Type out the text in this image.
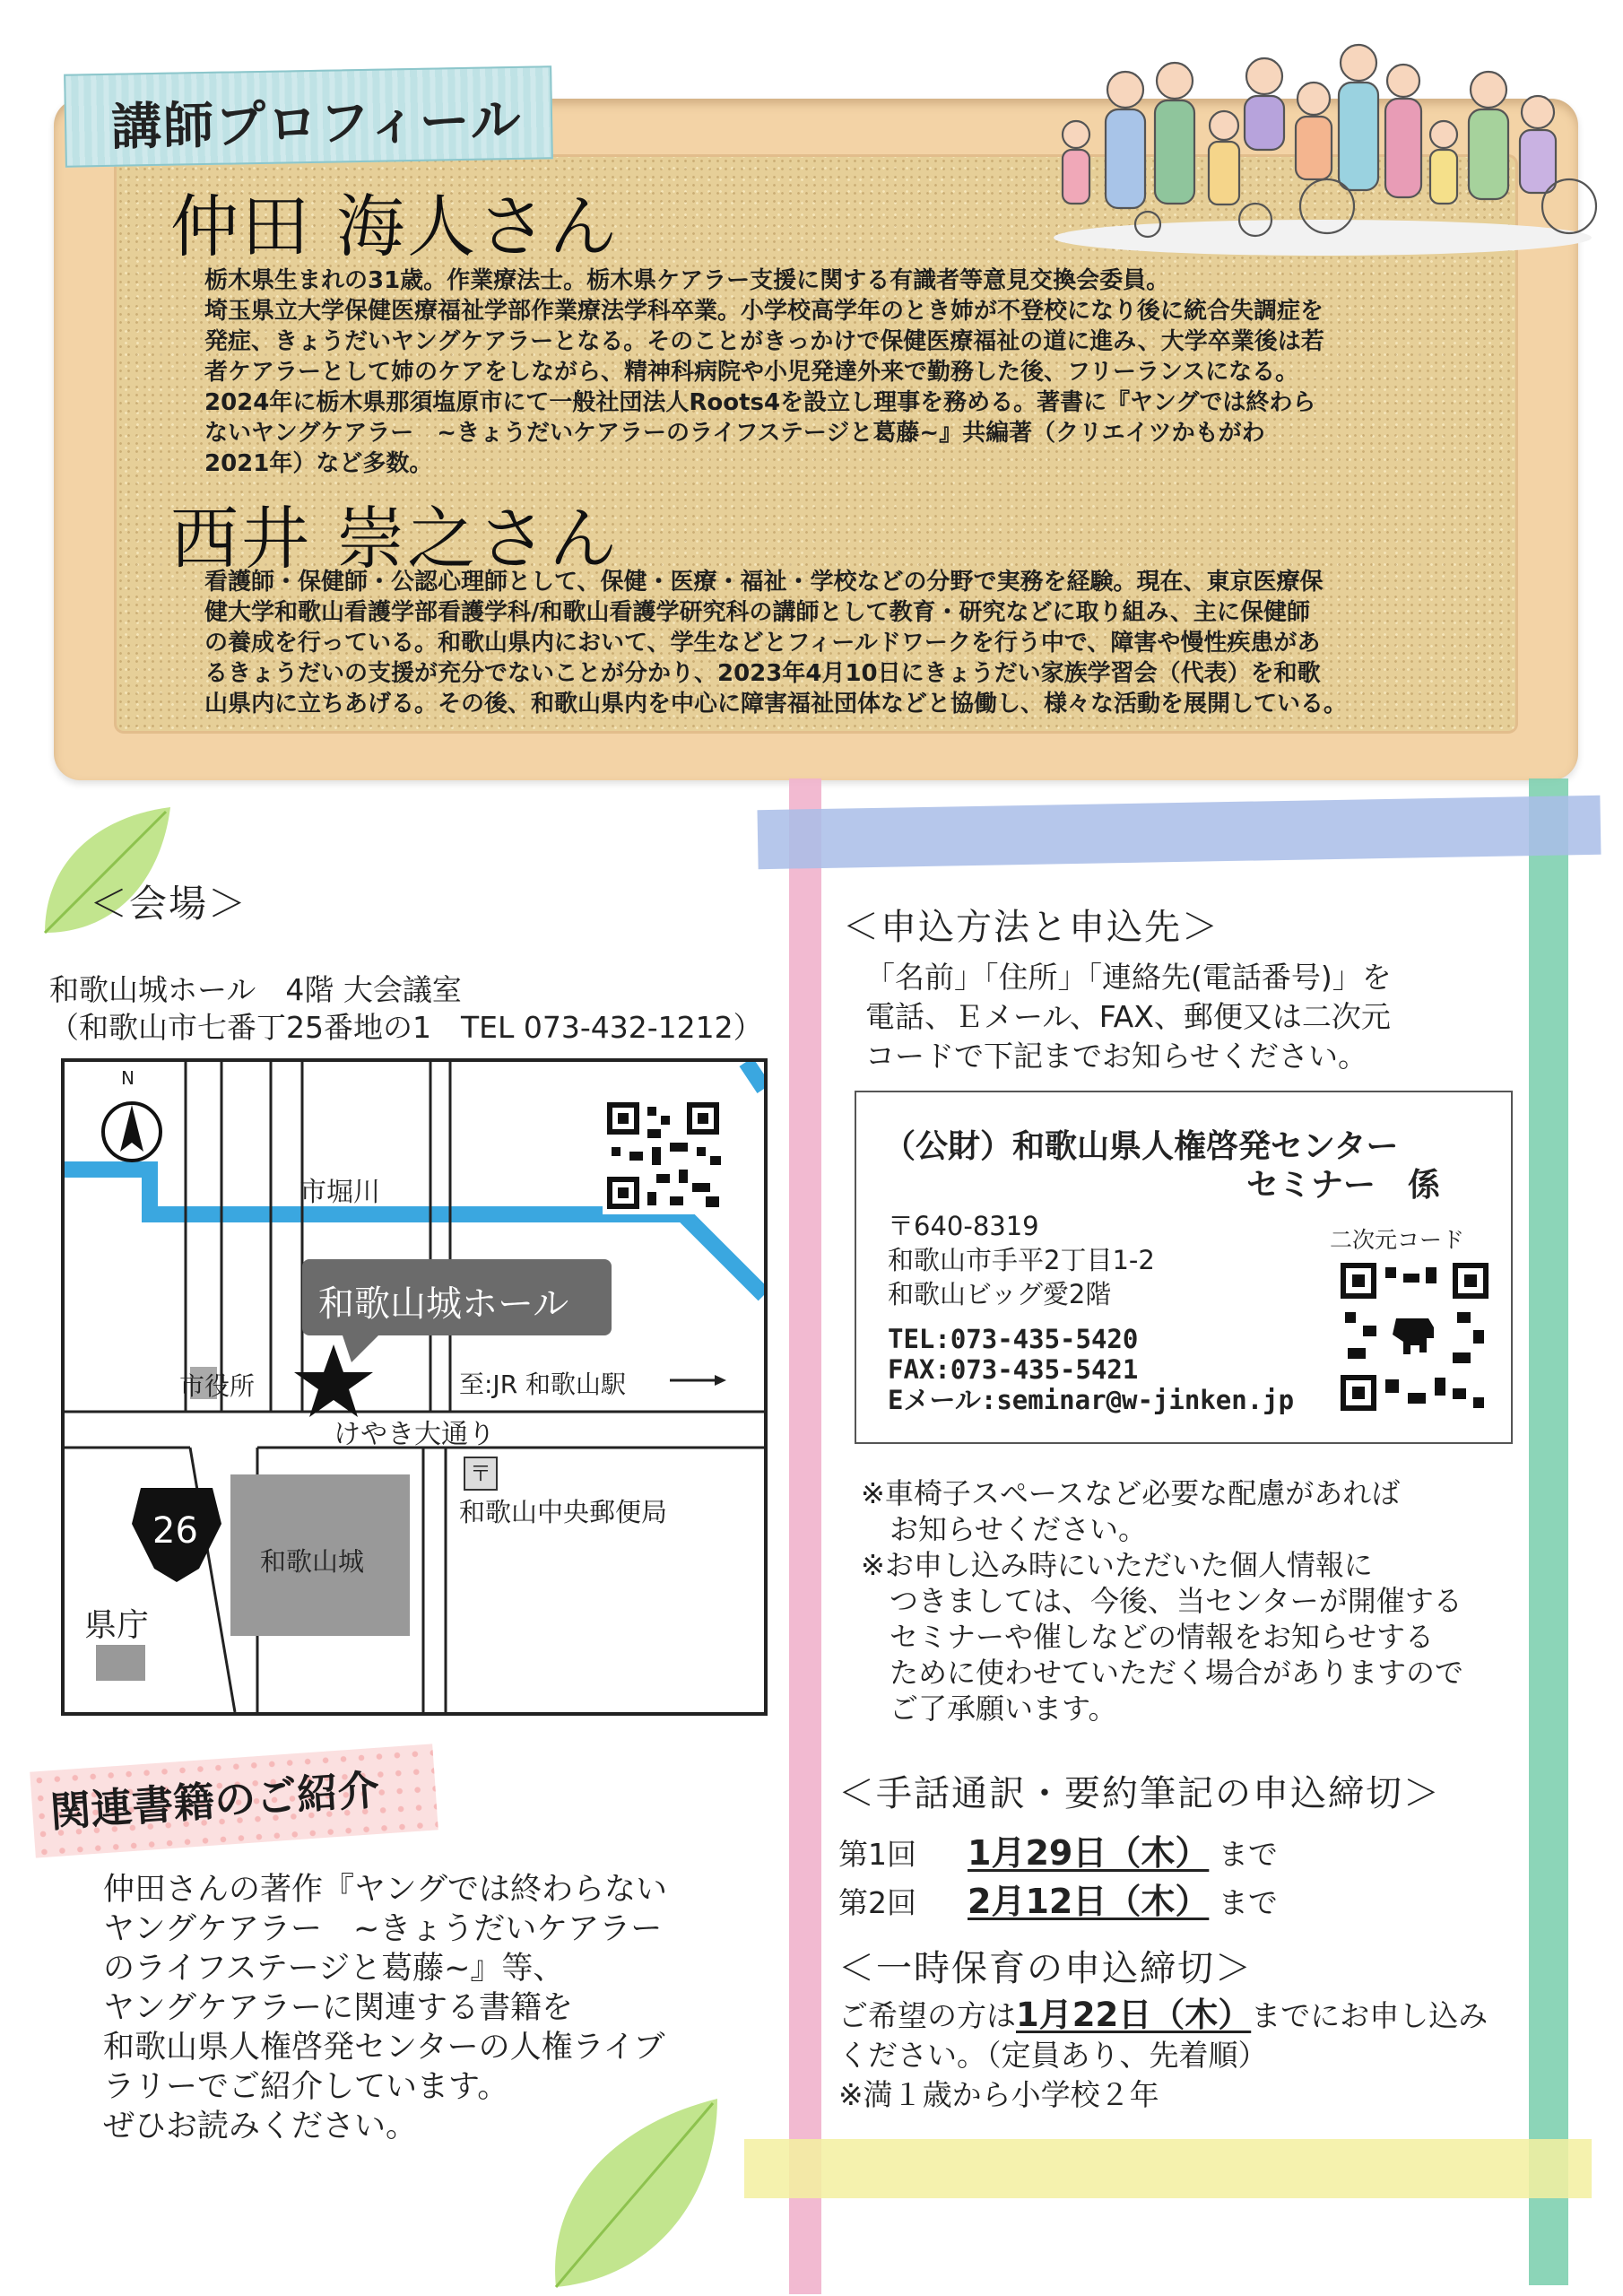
講師プロフィール
仲田 海人さん
栃木県生まれの31歳。作業療法士。栃木県ケアラー支援に関する有識者等意見交換会委員。
埼玉県立大学保健医療福祉学部作業療法学科卒業。小学校高学年のとき姉が不登校になり後に統合失調症を
発症、きょうだいヤングケアラーとなる。そのことがきっかけで保健医療福祉の道に進み、大学卒業後は若
者ケアラーとして姉のケアをしながら、精神科病院や小児発達外来で勤務した後、フリーランスになる。
2024年に栃木県那須塩原市にて一般社団法人Roots4を設立し理事を務める。著書に『ヤングでは終わら
ないヤングケアラー　~きょうだいケアラーのライフステージと葛藤~』共編著（クリエイツかもがわ
2021年）など多数。
西井 崇之さん
看護師・保健師・公認心理師として、保健・医療・福祉・学校などの分野で実務を経験。現在、東京医療保
健大学和歌山看護学部看護学科/和歌山看護学研究科の講師として教育・研究などに取り組み、主に保健師
の養成を行っている。和歌山県内において、学生などとフィールドワークを行う中で、障害や慢性疾患があ
るきょうだいの支援が充分でないことが分かり、2023年4月10日にきょうだい家族学習会（代表）を和歌
山県内に立ちあげる。その後、和歌山県内を中心に障害福祉団体などと協働し、様々な活動を展開している。
＜会場＞
和歌山城ホール　4階 大会議室
（和歌山市七番丁25番地の1　TEL 073-432-1212）
N
市堀川
和歌山城ホール
市役所	至:JR 和歌山駅
けやき大通り
〒
和歌山中央郵便局
和歌山城
26
県庁
関連書籍のご紹介
仲田さんの著作『ヤングでは終わらない
ヤングケアラー　~きょうだいケアラー
のライフステージと葛藤~』等、
ヤングケアラーに関連する書籍を
和歌山県人権啓発センターの人権ライブ
ラリーでご紹介しています。
ぜひお読みください。
＜申込方法と申込先＞
「名前」「住所」「連絡先(電話番号)」を
電話、Ｅメール、FAX、郵便又は二次元
コードで下記までお知らせください。
（公財）和歌山県人権啓発センター
セミナー　係
〒640-8319
和歌山市手平2丁目1-2
和歌山ビッグ愛2階
TEL:073-435-5420
FAX:073-435-5421
Eメール:seminar@w-jinken.jp
二次元コード
※車椅子スペースなど必要な配慮があれば
　お知らせください。
※お申し込み時にいただいた個人情報に
　つきましては、今後、当センターが開催する
　セミナーや催しなどの情報をお知らせする
　ために使わせていただく場合がありますので
　ご了承願います。
＜手話通訳・要約筆記の申込締切＞
第1回 1月29日（木） まで
第2回 2月12日（木） まで
＜一時保育の申込締切＞
ご希望の方は1月22日（木）までにお申し込み
ください。（定員あり、先着順）
※満１歳から小学校２年
